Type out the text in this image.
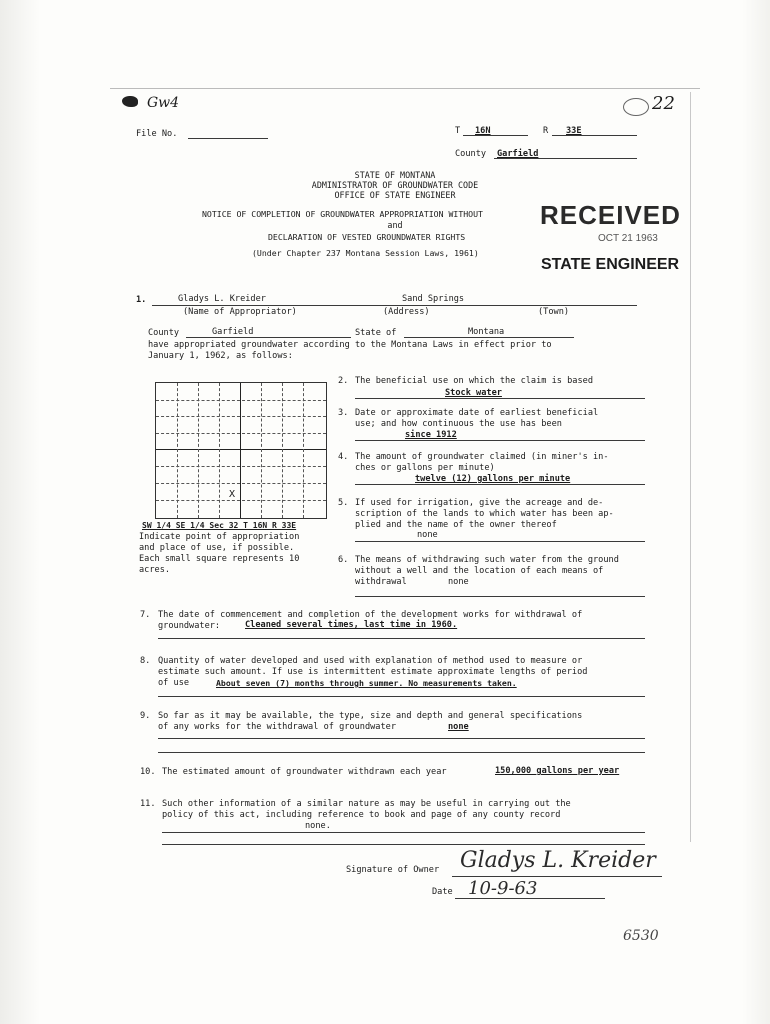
Gw4	22
File No.	T 16N	R 33E
County Garfield
STATE OF MONTANA
ADMINISTRATOR OF GROUNDWATER CODE
OFFICE OF STATE ENGINEER
NOTICE OF COMPLETION OF GROUNDWATER APPROPRIATION WITHOUT
and
DECLARATION OF VESTED GROUNDWATER RIGHTS
(Under Chapter 237 Montana Session Laws, 1961)
RECEIVED
OCT 21 1963
STATE ENGINEER
1.	Gladys L. Kreider	Sand Springs
(Name of Appropriator)	(Address)	(Town)
County	Garfield	State of	Montana
have appropriated groundwater according to the Montana Laws in effect prior to
January 1, 1962, as follows:
X
SW 1/4 SE 1/4 Sec 32 T 16N R 33E
Indicate point of appropriation
and place of use, if possible.
Each small square represents 10
acres.
2. The beneficial use on which the claim is based
Stock water
3. Date or approximate date of earliest beneficial
use; and how continuous the use has been
since 1912
4. The amount of groundwater claimed (in miner's in-
ches or gallons per minute)
twelve (12) gallons per minute
5. If used for irrigation, give the acreage and de-
scription of the lands to which water has been ap-
plied and the name of the owner thereof
none
6. The means of withdrawing such water from the ground
without a well and the location of each means of
withdrawal	none
7. The date of commencement and completion of the development works for withdrawal of
groundwater:	Cleaned several times, last time in 1960.
8. Quantity of water developed and used with explanation of method used to measure or
estimate such amount. If use is intermittent estimate approximate lengths of period
of use	About seven (7) months through summer. No measurements taken.
9. So far as it may be available, the type, size and depth and general specifications
of any works for the withdrawal of groundwater	none
10. The estimated amount of groundwater withdrawn each year	150,000 gallons per year
11. Such other information of a similar nature as may be useful in carrying out the
policy of this act, including reference to book and page of any county record
none.
Signature of Owner Gladys L. Kreider
Date 10-9-63
6530
